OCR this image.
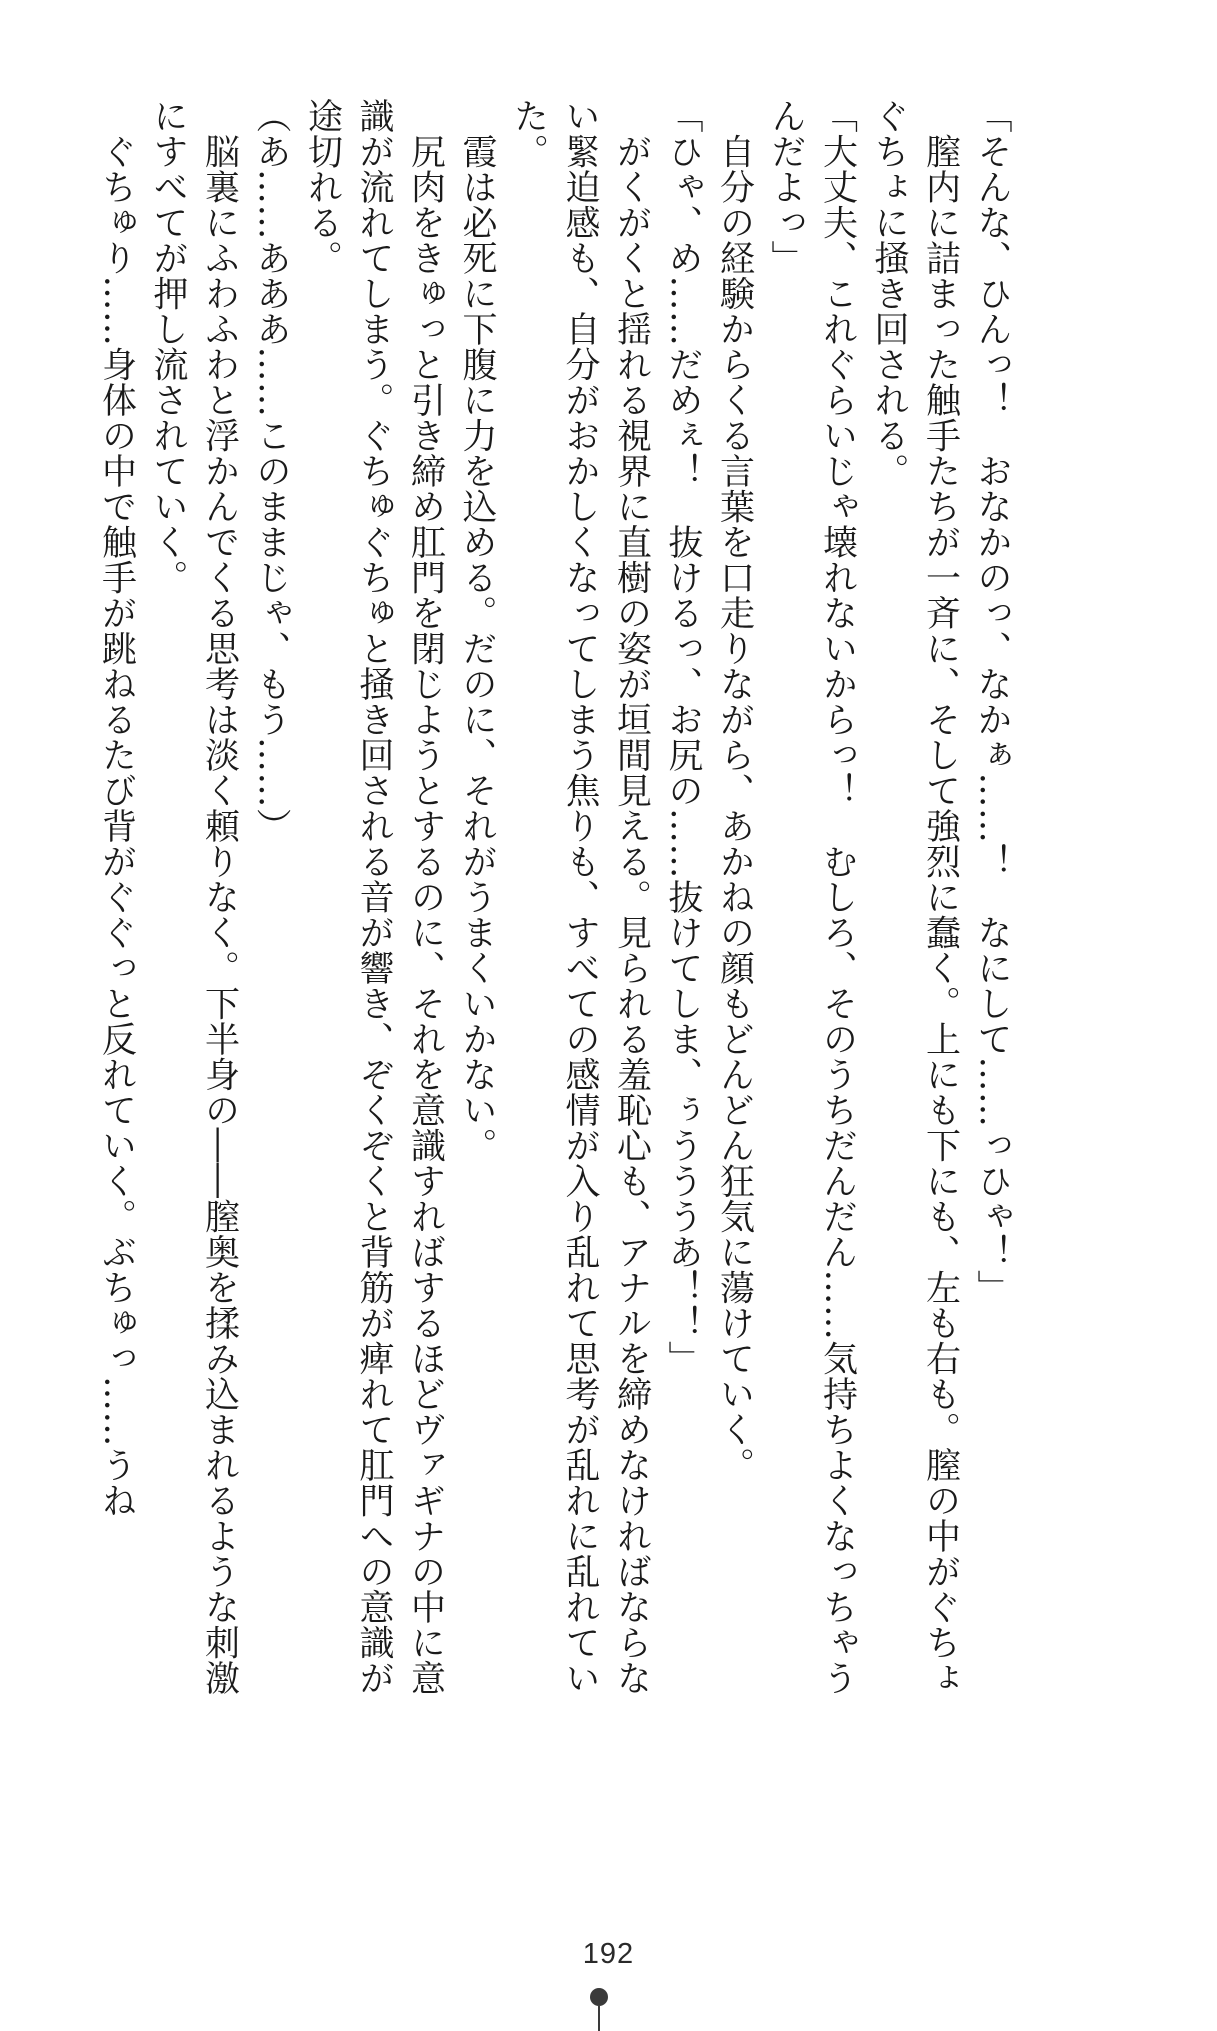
「そんな、ひんっ！　おなかのっ、なかぁ……！　なにして……っひゃ！」

　膣内に詰まった触手たちが一斉に、そして強烈に蠢く。上にも下にも、左も右も。膣の中がぐちょぐちょに掻き回される。

「大丈夫、これぐらいじゃ壊れないからっ！　むしろ、そのうちだんだん……気持ちよくなっちゃうんだよっ」

　自分の経験からくる言葉を口走りながら、あかねの顔もどんどん狂気に蕩けていく。

「ひゃ、め……だめぇ！　抜けるっ、お尻の……抜けてしま、ぅうううあ！！」

　がくがくと揺れる視界に直樹の姿が垣間見える。見られる羞恥心も、アナルを締めなければならない緊迫感も、自分がおかしくなってしまう焦りも、すべての感情が入り乱れて思考が乱れに乱れていた。

　霞は必死に下腹に力を込める。だのに、それがうまくいかない。

　尻肉をきゅっと引き締め肛門を閉じようとするのに、それを意識すればするほどヴァギナの中に意識が流れてしまう。ぐちゅぐちゅと掻き回される音が響き、ぞくぞくと背筋が痺れて肛門への意識が途切れる。

（あ……あああ……このままじゃ、もう……）

　脳裏にふわふわと浮かんでくる思考は淡く頼りなく。下半身の――膣奥を揉み込まれるような刺激にすべてが押し流されていく。

　ぐちゅり……身体の中で触手が跳ねるたび背がぐぐっと反れていく。ぶちゅっ……うね

192
